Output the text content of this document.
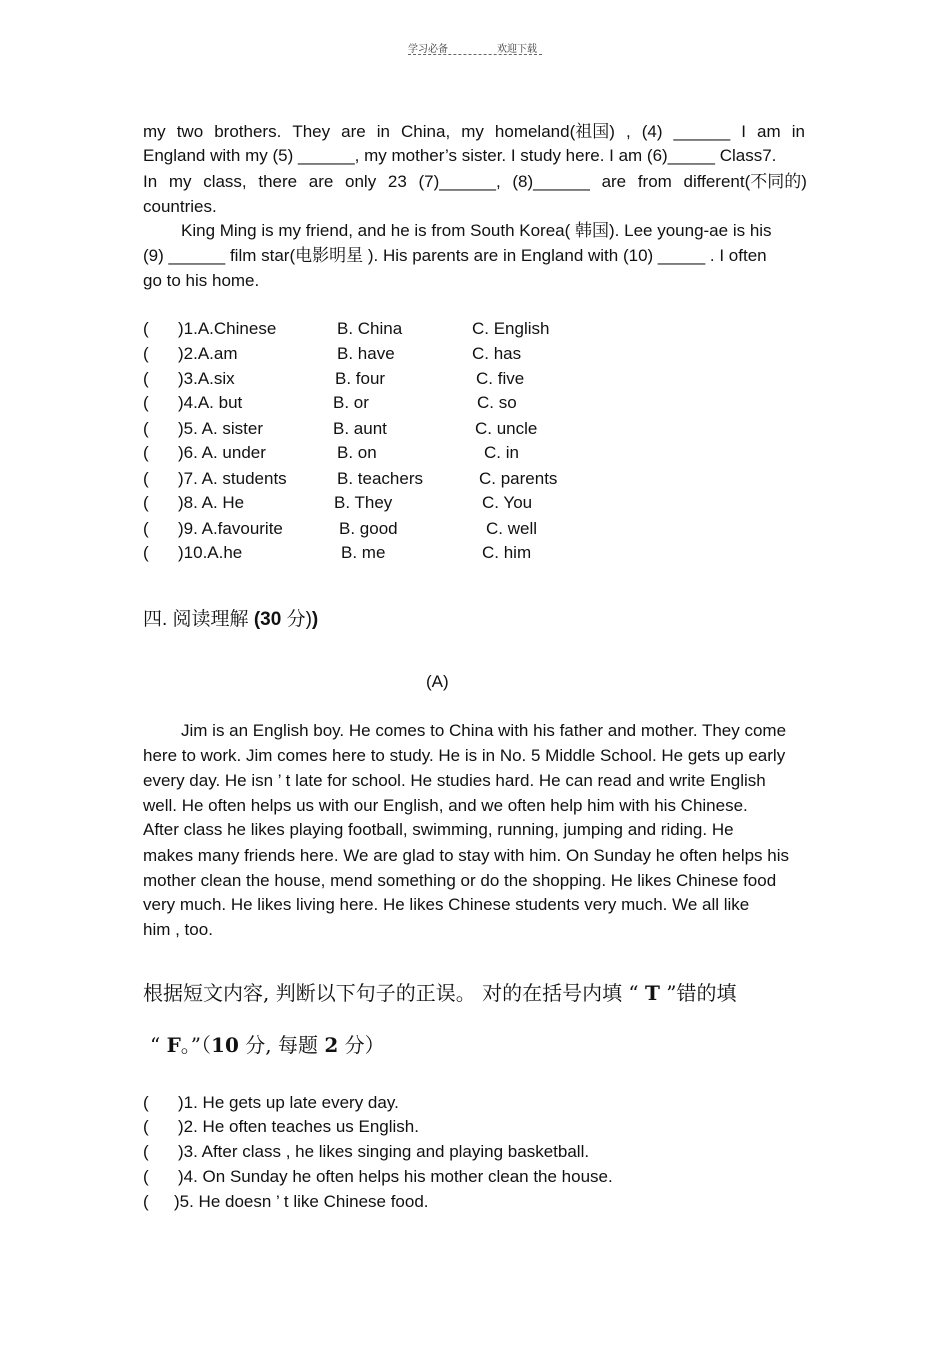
学习必备	欢迎下载
my two brothers. They are in China, my homeland(祖国) , (4) ______ I am in
England with my (5) ______, my mother’s sister. I study here. I am (6)_____ Class7.
In my class, there are only 23 (7)______, (8)______ are from different(不同的)
countries.
King Ming is my friend, and he is from South Korea( 韩国). Lee young-ae is his
(9) ______ film star(电影明星 ). His parents are in England with (10) _____ . I often
go to his home.
( )1.A.Chinese	B. China	C. English
( )2.A.am	B. have	C. has
( )3.A.six	B. four	C. five
( )4.A. but	B. or	C. so
( )5. A. sister	B. aunt	C. uncle
( )6. A. under	B. on	C. in
( )7. A. students	B. teachers	C. parents
( )8. A. He	B. They	C. You
( )9. A.favourite	B. good	C. well
( )10.A.he	B. me	C. him
四. 阅读理解 (30 分))
(A)
Jim is an English boy. He comes to China with his father and mother. They come
here to work. Jim comes here to study. He is in No. 5 Middle School. He gets up early
every day. He isn ’ t late for school. He studies hard. He can read and write English
well. He often helps us with our English, and we often help him with his Chinese.
After class he likes playing football, swimming, running, jumping and riding. He
makes many friends here. We are glad to stay with him. On Sunday he often helps his
mother clean the house, mend something or do the shopping. He likes Chinese food
very much. He likes living here. He likes Chinese students very much. We all like
him , too.
根据短文内容, 判断以下句子的正误。 对的在括号内填 “ T ”错的填
“ F。”（10 分, 每题 2 分）
( )1. He gets up late every day.
( )2. He often teaches us English.
( )3. After class , he likes singing and playing basketball.
( )4. On Sunday he often helps his mother clean the house.
( )5. He doesn ’ t like Chinese food.
